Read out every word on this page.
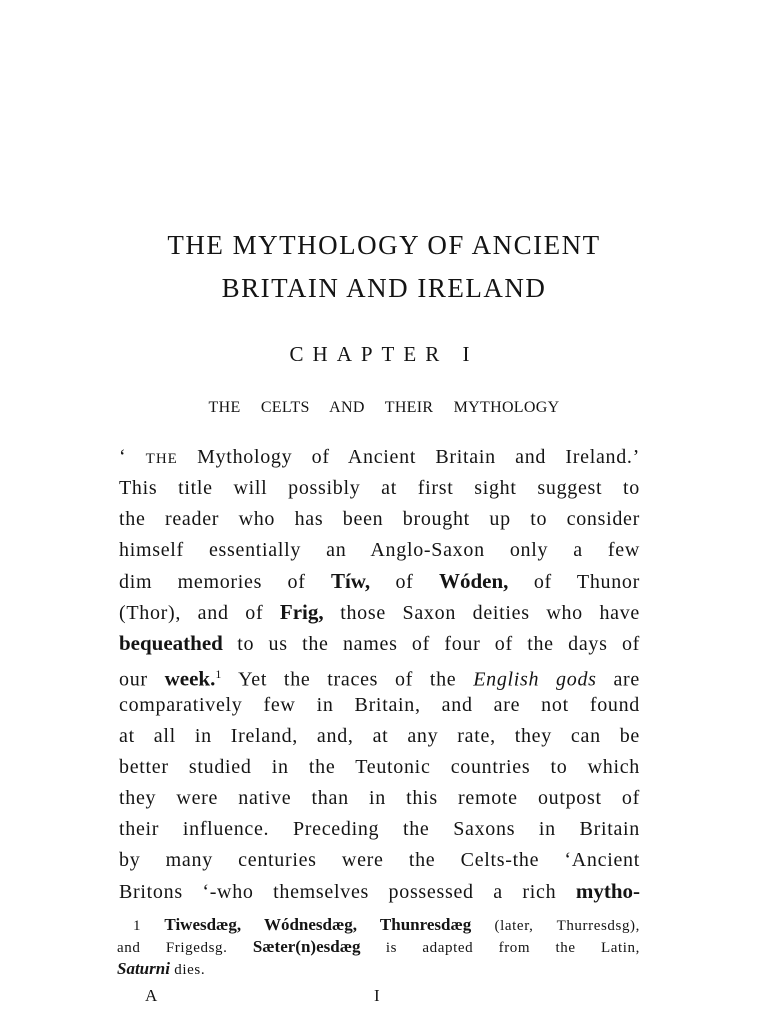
THE MYTHOLOGY OF ANCIENT
BRITAIN AND IRELAND
CHAPTER I
THE CELTS AND THEIR MYTHOLOGY
‘ THE Mythology of Ancient Britain and Ireland.’
This title will possibly at first sight suggest to
the reader who has been brought up to consider
himself essentially an Anglo-Saxon only a few
dim memories of Tíw, of Wóden, of Thunor
(Thor), and of Frig, those Saxon deities who have
bequeathed to us the names of four of the days of
our week.$^1$ Yet the traces of the English gods are
comparatively few in Britain, and are not found
at all in Ireland, and, at any rate, they can be
better studied in the Teutonic countries to which
they were native than in this remote outpost of
their influence. Preceding the Saxons in Britain
by many centuries were the Celts-the ‘Ancient
Britons ‘-who themselves possessed a rich mytho-
1 Tiwesdæg, Wódnesdæg, Thunresdæg (later, Thurresdsg),
and Frigedsg. Sæter(n)esdæg is adapted from the Latin,
Saturni dies.
A	I
